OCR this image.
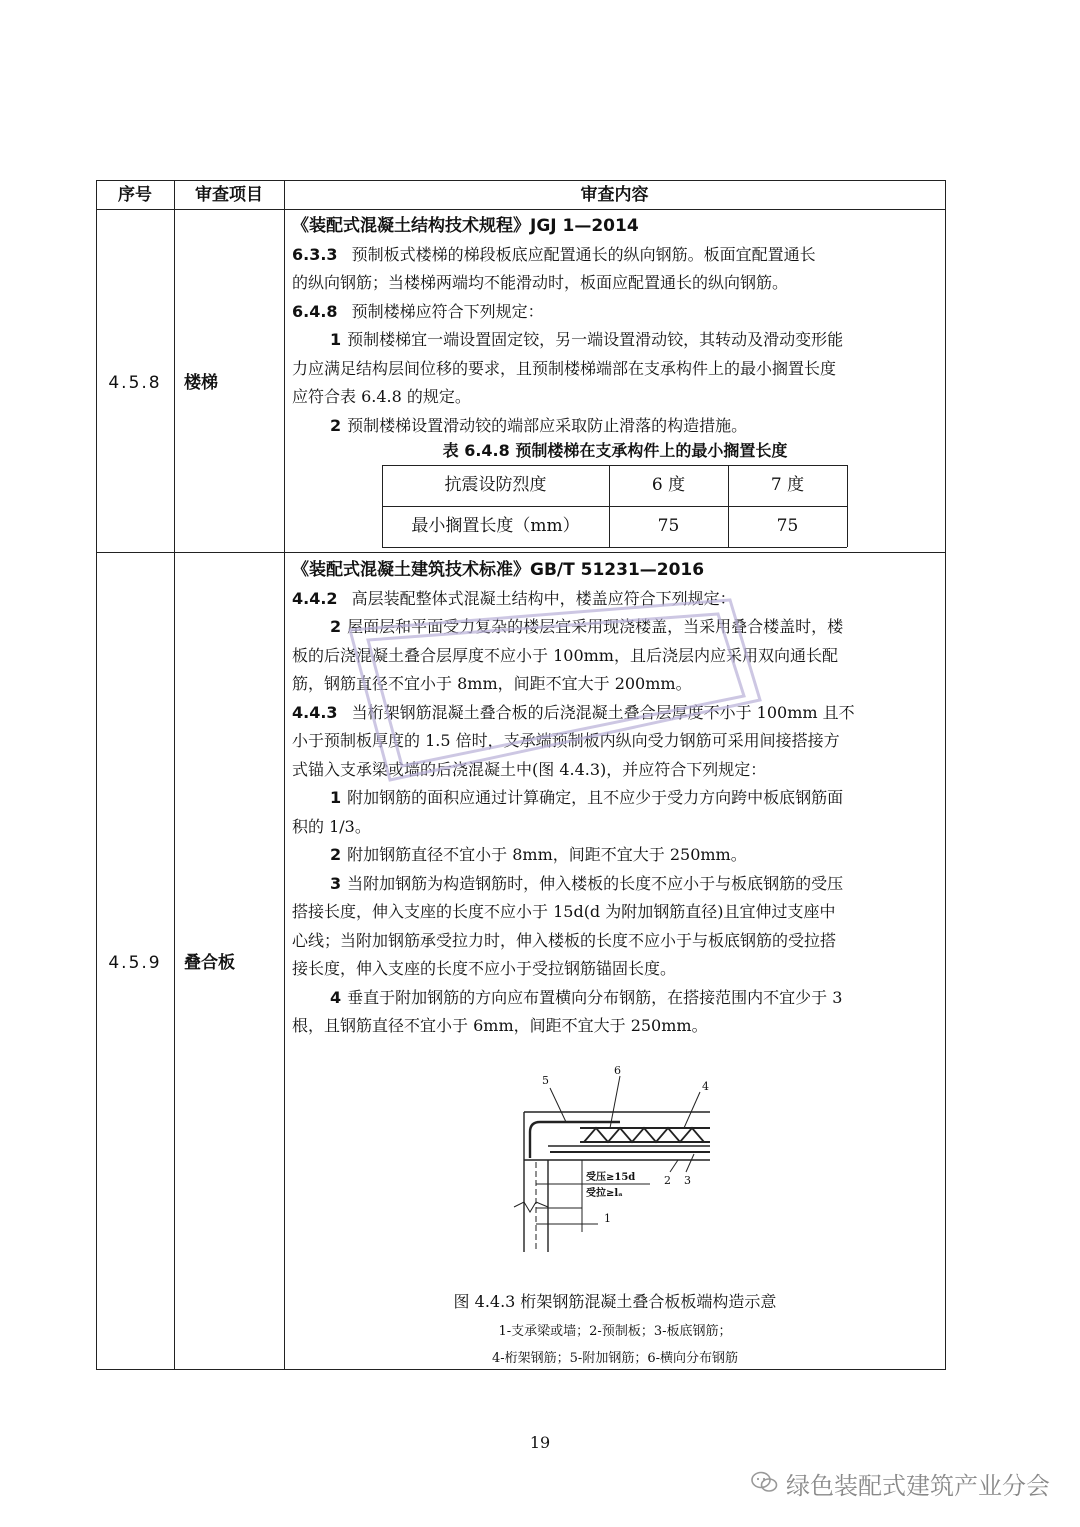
序号	审查项目	审查内容
4.5.8	楼梯
《装配式混凝土结构技术规程》JGJ 1—2014
6.3.3 预制板式楼梯的梯段板底应配置通长的纵向钢筋。板面宜配置通长
的纵向钢筋；当楼梯两端均不能滑动时，板面应配置通长的纵向钢筋。
6.4.8 预制楼梯应符合下列规定：
1 预制楼梯宜一端设置固定铰，另一端设置滑动铰，其转动及滑动变形能
力应满足结构层间位移的要求，且预制楼梯端部在支承构件上的最小搁置长度
应符合表 6.4.8 的规定。
2 预制楼梯设置滑动铰的端部应采取防止滑落的构造措施。
表 6.4.8 预制楼梯在支承构件上的最小搁置长度
抗震设防烈度	6 度	7 度
最小搁置长度（mm）	75	75
4.5.9	叠合板
《装配式混凝土建筑技术标准》GB/T 51231—2016
4.4.2 高层装配整体式混凝土结构中，楼盖应符合下列规定：
2 屋面层和平面受力复杂的楼层宜采用现浇楼盖，当采用叠合楼盖时，楼
板的后浇混凝土叠合层厚度不应小于 100mm，且后浇层内应采用双向通长配
筋，钢筋直径不宜小于 8mm，间距不宜大于 200mm。
4.4.3 当桁架钢筋混凝土叠合板的后浇混凝土叠合层厚度不小于 100mm 且不
小于预制板厚度的 1.5 倍时，支承端预制板内纵向受力钢筋可采用间接搭接方
式锚入支承梁或墙的后浇混凝土中(图 4.4.3)，并应符合下列规定：
1 附加钢筋的面积应通过计算确定，且不应少于受力方向跨中板底钢筋面
积的 1/3。
2 附加钢筋直径不宜小于 8mm，间距不宜大于 250mm。
3 当附加钢筋为构造钢筋时，伸入楼板的长度不应小于与板底钢筋的受压
搭接长度，伸入支座的长度不应小于 15d(d 为附加钢筋直径)且宜伸过支座中
心线；当附加钢筋承受拉力时，伸入楼板的长度不应小于与板底钢筋的受拉搭
接长度，伸入支座的长度不应小于受拉钢筋锚固长度。
4 垂直于附加钢筋的方向应布置横向分布钢筋，在搭接范围内不宜少于 3
根，且钢筋直径不宜小于 6mm，间距不宜大于 250mm。
5
6
4
2 3
1
受压≥15d
受拉≥lₐ
图 4.4.3 桁架钢筋混凝土叠合板板端构造示意
1-支承梁或墙；2-预制板；3-板底钢筋；
4-桁架钢筋；5-附加钢筋；6-横向分布钢筋
19
绿色装配式建筑产业分会
